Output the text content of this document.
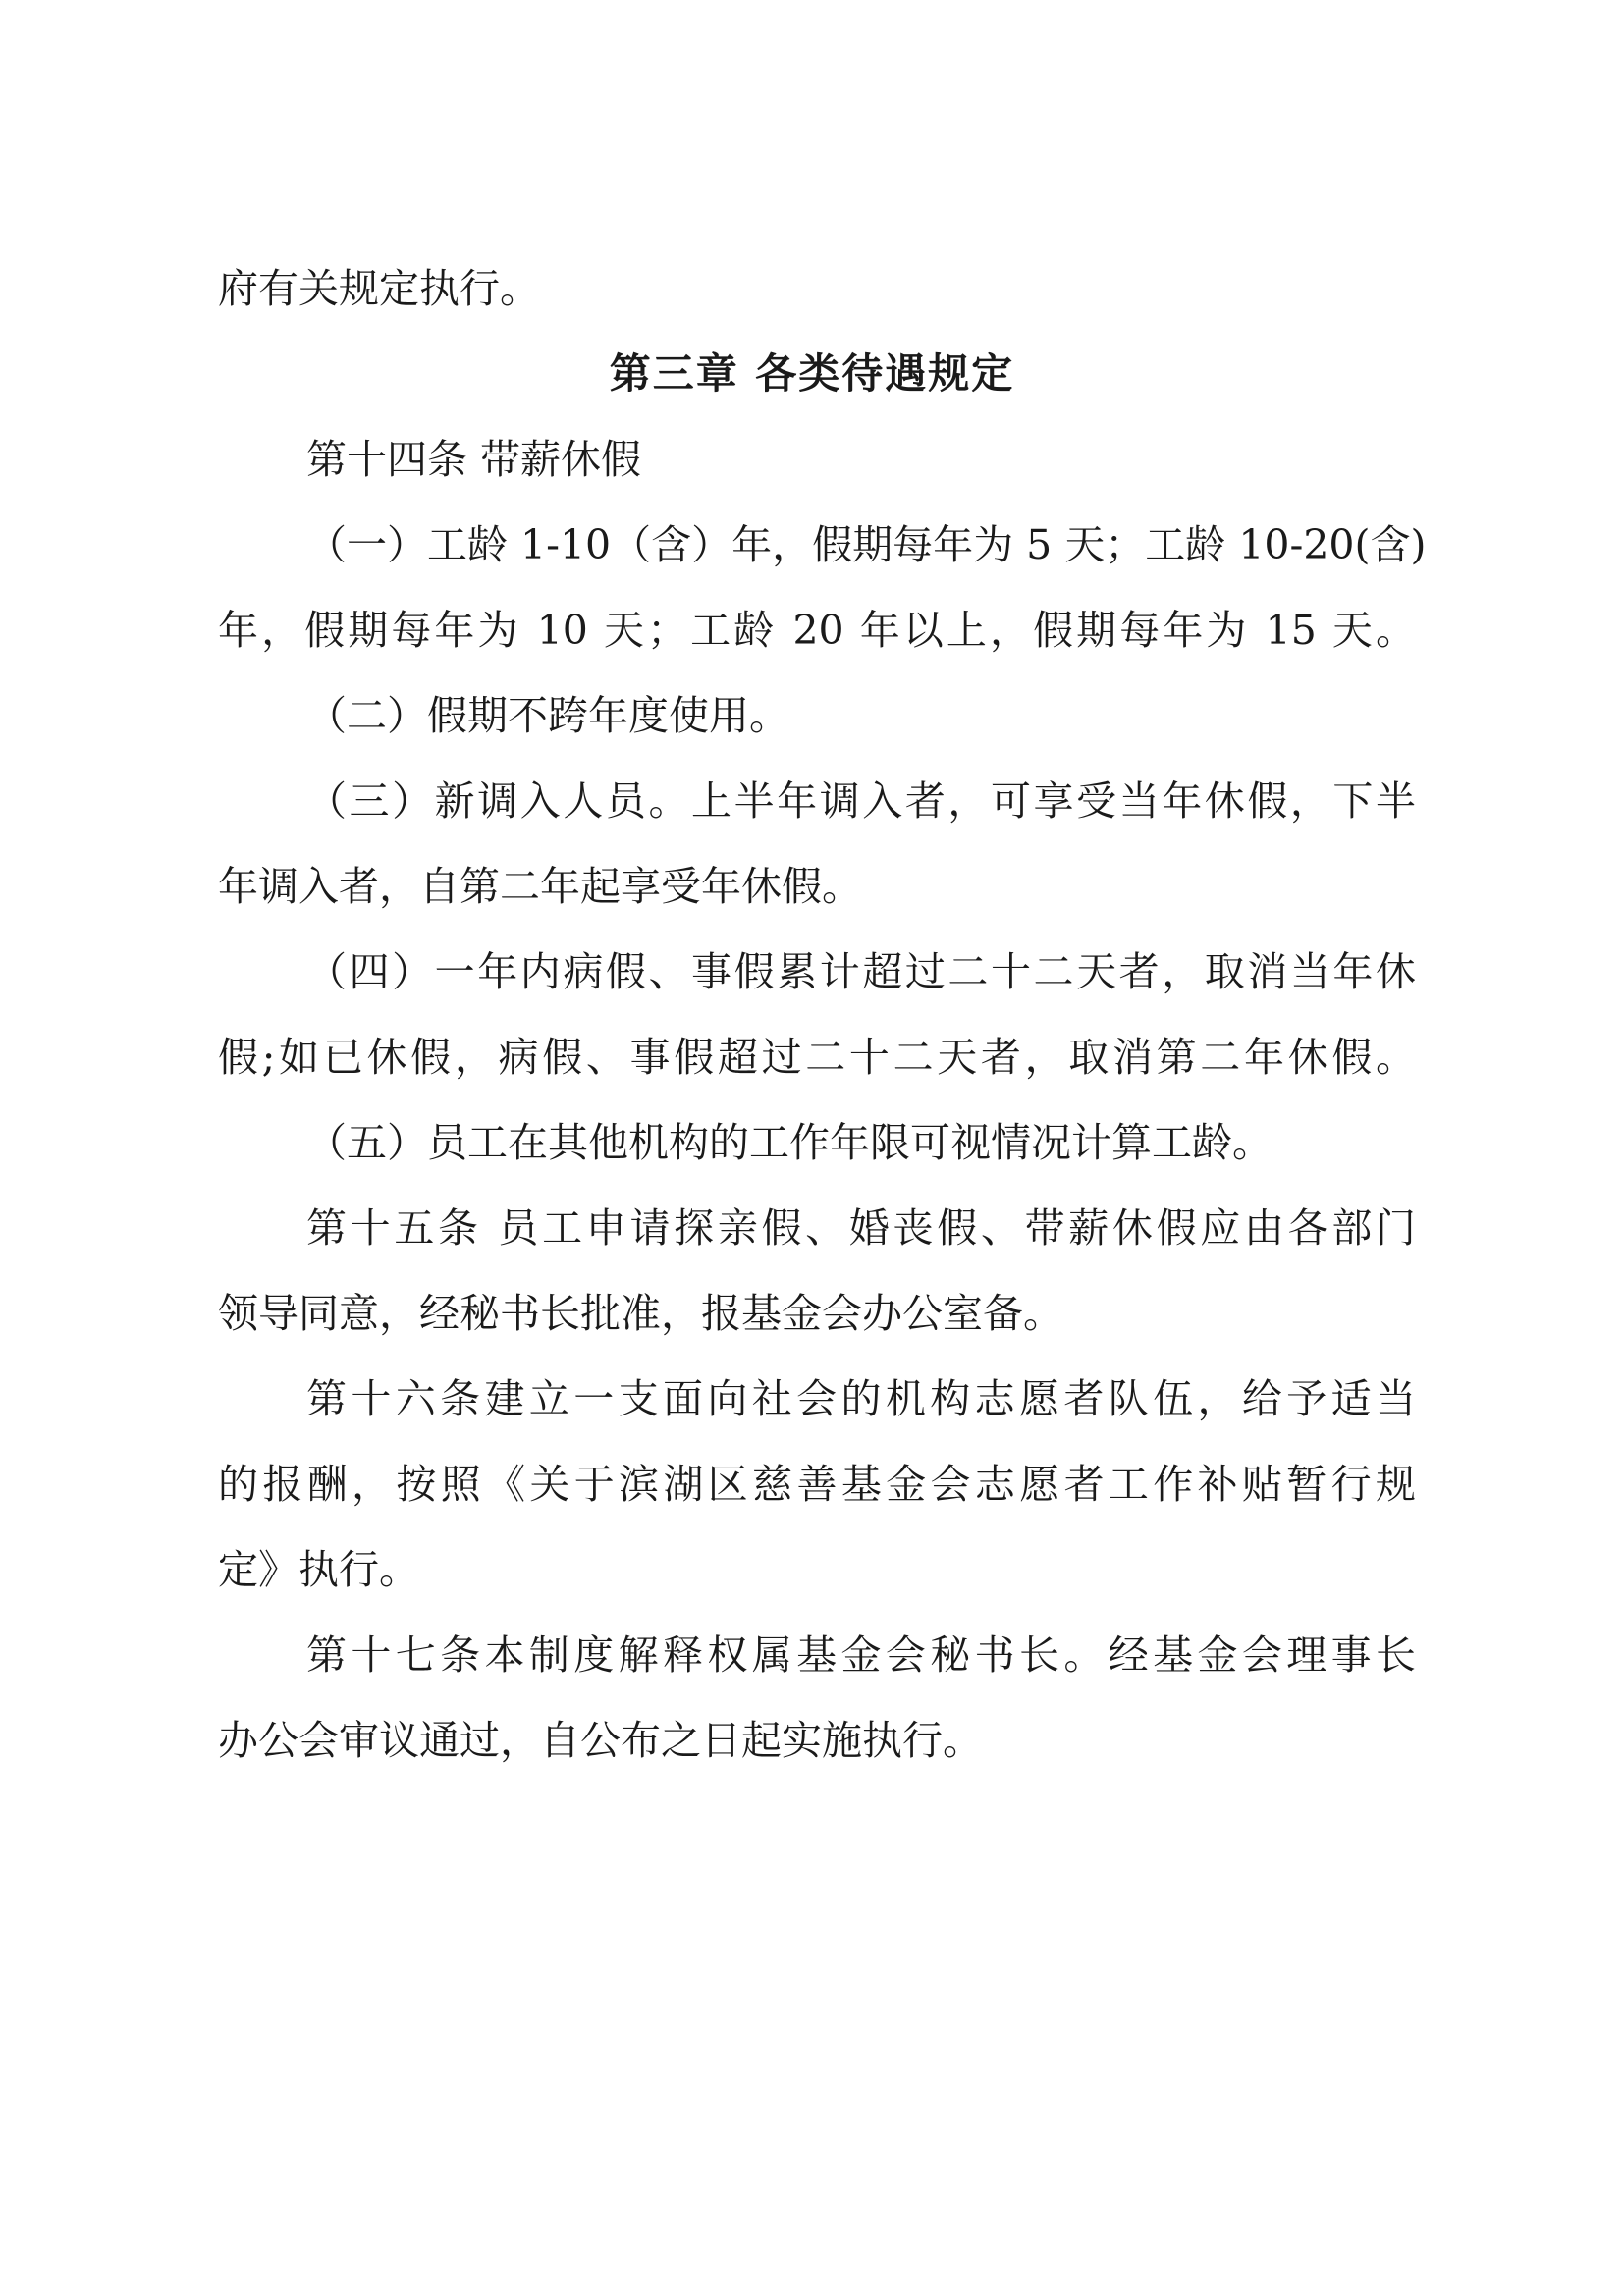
府有关规定执行。

第三章 各类待遇规定

第十四条 带薪休假

（一）工龄 1-10（含）年，假期每年为 5 天；工龄 10-20(含)

年，假期每年为 10 天；工龄 20 年以上，假期每年为 15 天。

（二）假期不跨年度使用。

（三）新调入人员。上半年调入者，可享受当年休假，下半

年调入者，自第二年起享受年休假。

（四）一年内病假、事假累计超过二十二天者，取消当年休

假;如已休假，病假、事假超过二十二天者，取消第二年休假。

（五）员工在其他机构的工作年限可视情况计算工龄。

第十五条 员工申请探亲假、婚丧假、带薪休假应由各部门

领导同意，经秘书长批准，报基金会办公室备。

第十六条建立一支面向社会的机构志愿者队伍，给予适当

的报酬，按照《关于滨湖区慈善基金会志愿者工作补贴暂行规

定》执行。

第十七条本制度解释权属基金会秘书长。经基金会理事长

办公会审议通过，自公布之日起实施执行。
